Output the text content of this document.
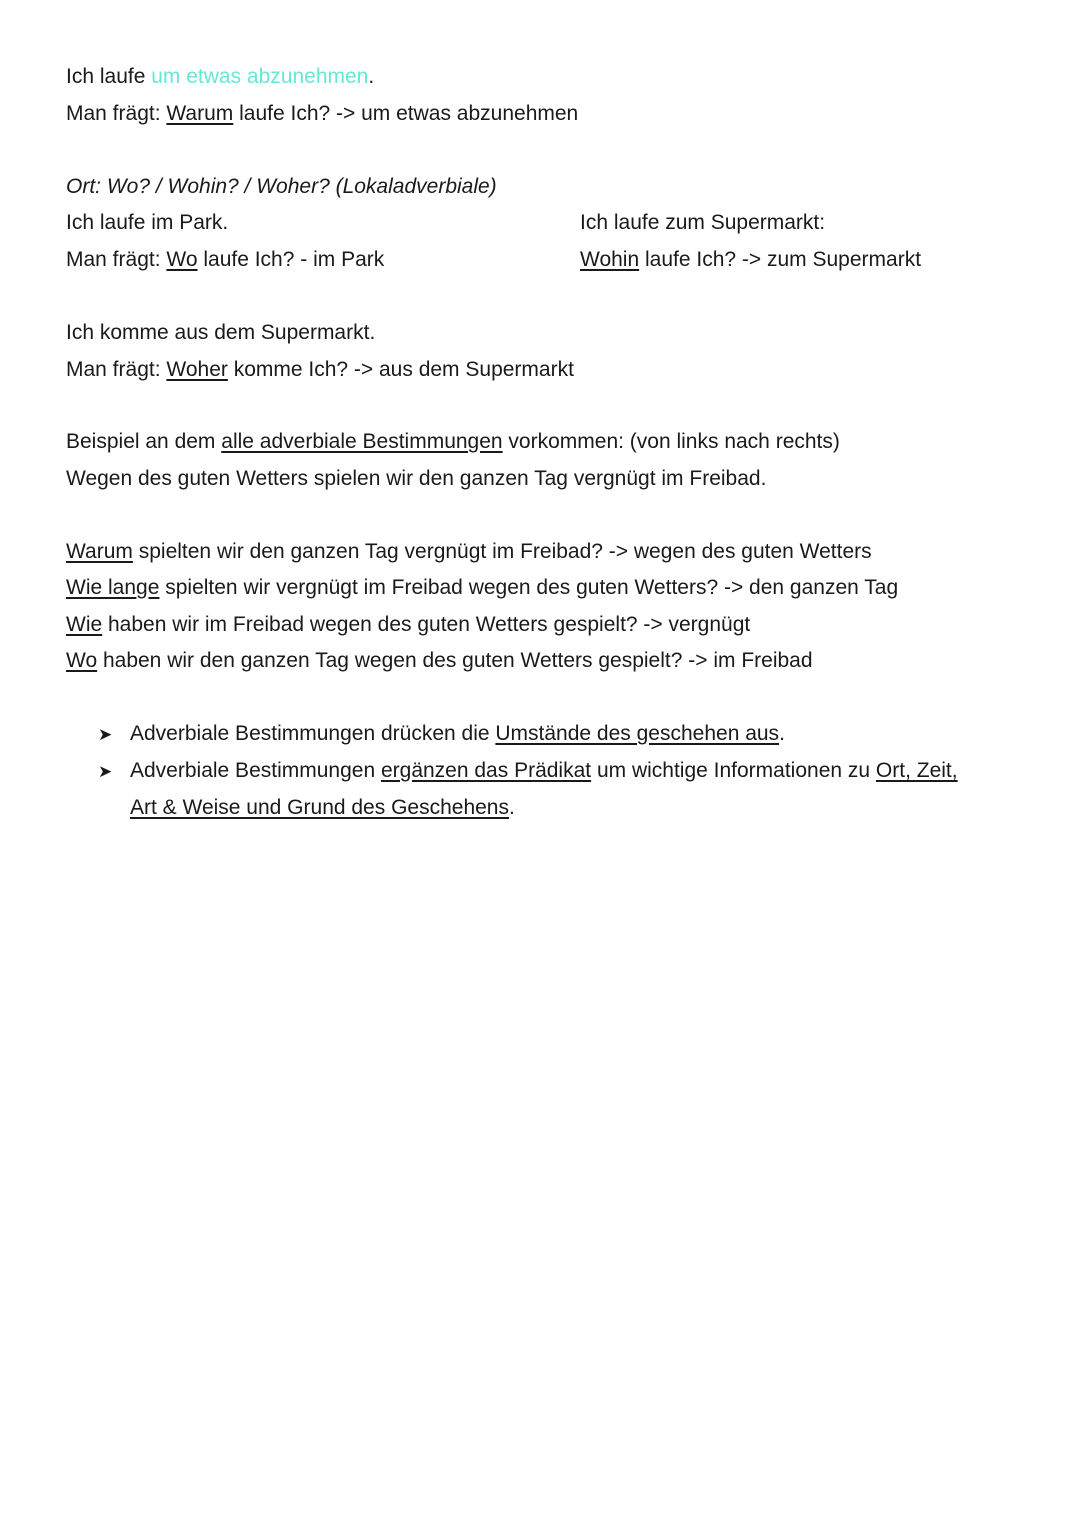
Ich laufe um etwas abzunehmen.
Man frägt: Warum laufe Ich? -> um etwas abzunehmen
Ort: Wo? / Wohin? / Woher? (Lokaladverbiale)
Ich laufe im Park.
Man frägt: Wo laufe Ich? - im Park
Ich laufe zum Supermarkt:
Wohin laufe Ich? -> zum Supermarkt
Ich komme aus dem Supermarkt.
Man frägt: Woher komme Ich? -> aus dem Supermarkt
Beispiel an dem alle adverbiale Bestimmungen vorkommen: (von links nach rechts)
Wegen des guten Wetters spielen wir den ganzen Tag vergnügt im Freibad.
Warum spielten wir den ganzen Tag vergnügt im Freibad? -> wegen des guten Wetters
Wie lange spielten wir vergnügt im Freibad wegen des guten Wetters? -> den ganzen Tag
Wie haben wir im Freibad wegen des guten Wetters gespielt? -> vergnügt
Wo haben wir den ganzen Tag wegen des guten Wetters gespielt? -> im Freibad
➤ Adverbiale Bestimmungen drücken die Umstände des geschehen aus.
➤ Adverbiale Bestimmungen ergänzen das Prädikat um wichtige Informationen zu Ort, Zeit,
Art & Weise und Grund des Geschehens.
